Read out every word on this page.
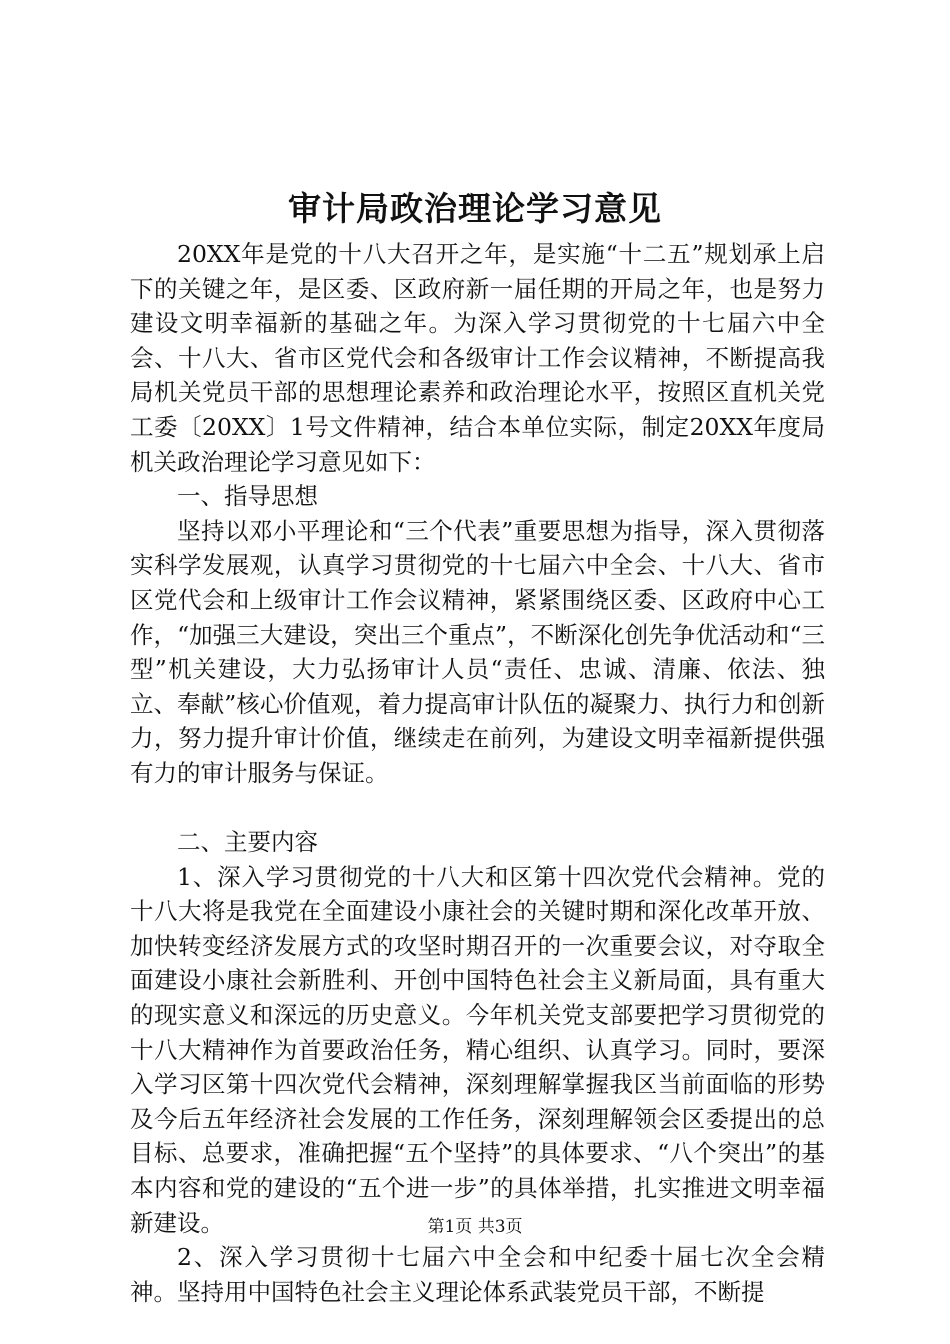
审计局政治理论学习意见

20XX年是党的十八大召开之年，是实施“十二五”规划承上启下的关键之年，是区委、区政府新一届任期的开局之年，也是努力建设文明幸福新的基础之年。为深入学习贯彻党的十七届六中全会、十八大、省市区党代会和各级审计工作会议精神，不断提高我局机关党员干部的思想理论素养和政治理论水平，按照区直机关党工委〔20XX〕1号文件精神，结合本单位实际，制定20XX年度局机关政治理论学习意见如下：

一、指导思想

坚持以邓小平理论和“三个代表”重要思想为指导，深入贯彻落实科学发展观，认真学习贯彻党的十七届六中全会、十八大、省市区党代会和上级审计工作会议精神，紧紧围绕区委、区政府中心工作，“加强三大建设，突出三个重点”，不断深化创先争优活动和“三型”机关建设，大力弘扬审计人员“责任、忠诚、清廉、依法、独立、奉献”核心价值观，着力提高审计队伍的凝聚力、执行力和创新力，努力提升审计价值，继续走在前列，为建设文明幸福新提供强有力的审计服务与保证。

二、主要内容

1、深入学习贯彻党的十八大和区第十四次党代会精神。党的十八大将是我党在全面建设小康社会的关键时期和深化改革开放、加快转变经济发展方式的攻坚时期召开的一次重要会议，对夺取全面建设小康社会新胜利、开创中国特色社会主义新局面，具有重大的现实意义和深远的历史意义。今年机关党支部要把学习贯彻党的十八大精神作为首要政治任务，精心组织、认真学习。同时，要深入学习区第十四次党代会精神，深刻理解掌握我区当前面临的形势及今后五年经济社会发展的工作任务，深刻理解领会区委提出的总目标、总要求，准确把握“五个坚持”的具体要求、“八个突出”的基本内容和党的建设的“五个进一步”的具体举措，扎实推进文明幸福新建设。

2、深入学习贯彻十七届六中全会和中纪委十届七次全会精神。坚持用中国特色社会主义理论体系武装党员干部，不断提

第1页 共3页
